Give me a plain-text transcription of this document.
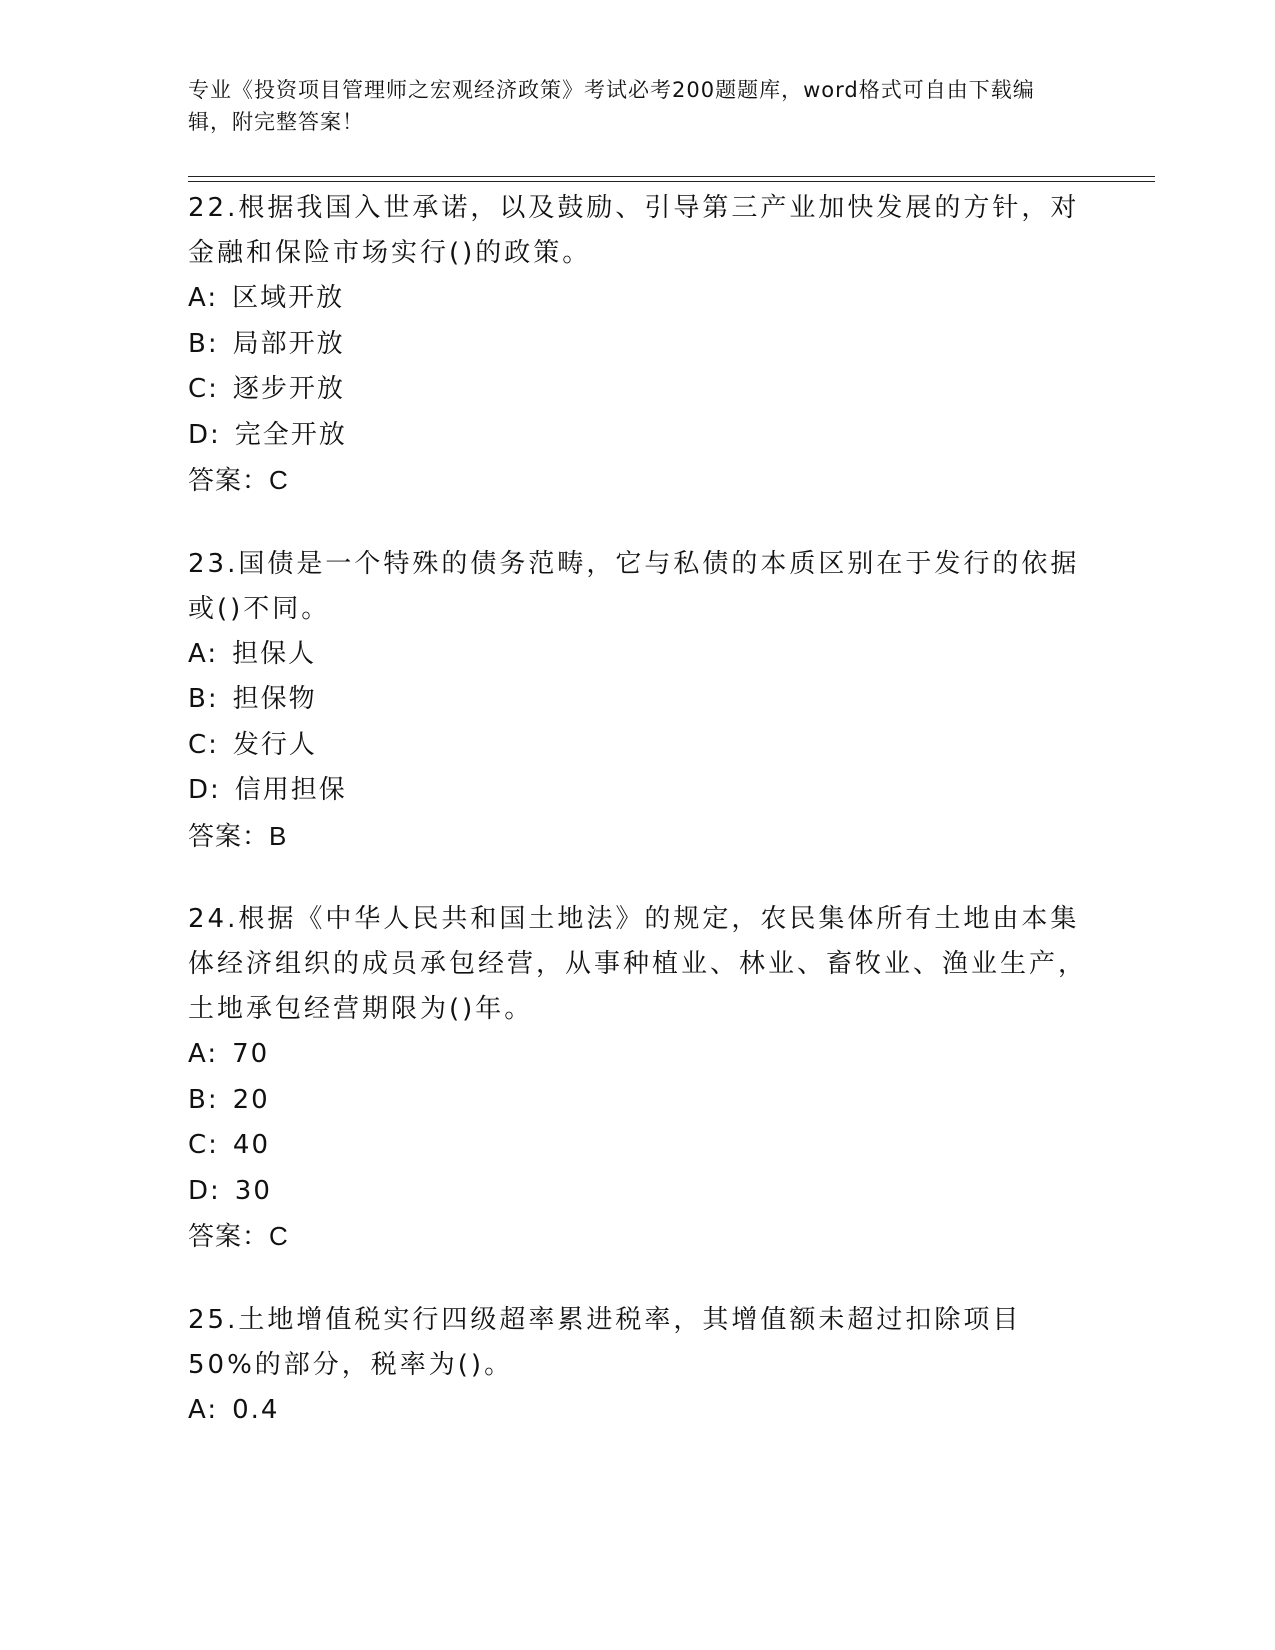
专业《投资项目管理师之宏观经济政策》考试必考200题题库，word格式可自由下载编辑，附完整答案！

22.根据我国入世承诺，以及鼓励、引导第三产业加快发展的方针，对金融和保险市场实行()的政策。

A: 区域开放
B: 局部开放
C: 逐步开放
D: 完全开放
答案：C

23.国债是一个特殊的债务范畴，它与私债的本质区别在于发行的依据或()不同。

A: 担保人
B: 担保物
C: 发行人
D: 信用担保
答案：B

24.根据《中华人民共和国土地法》的规定，农民集体所有土地由本集体经济组织的成员承包经营，从事种植业、林业、畜牧业、渔业生产，土地承包经营期限为()年。

A: 70
B: 20
C: 40
D: 30
答案：C

25.土地增值税实行四级超率累进税率，其增值额未超过扣除项目50%的部分，税率为()。

A: 0.4
